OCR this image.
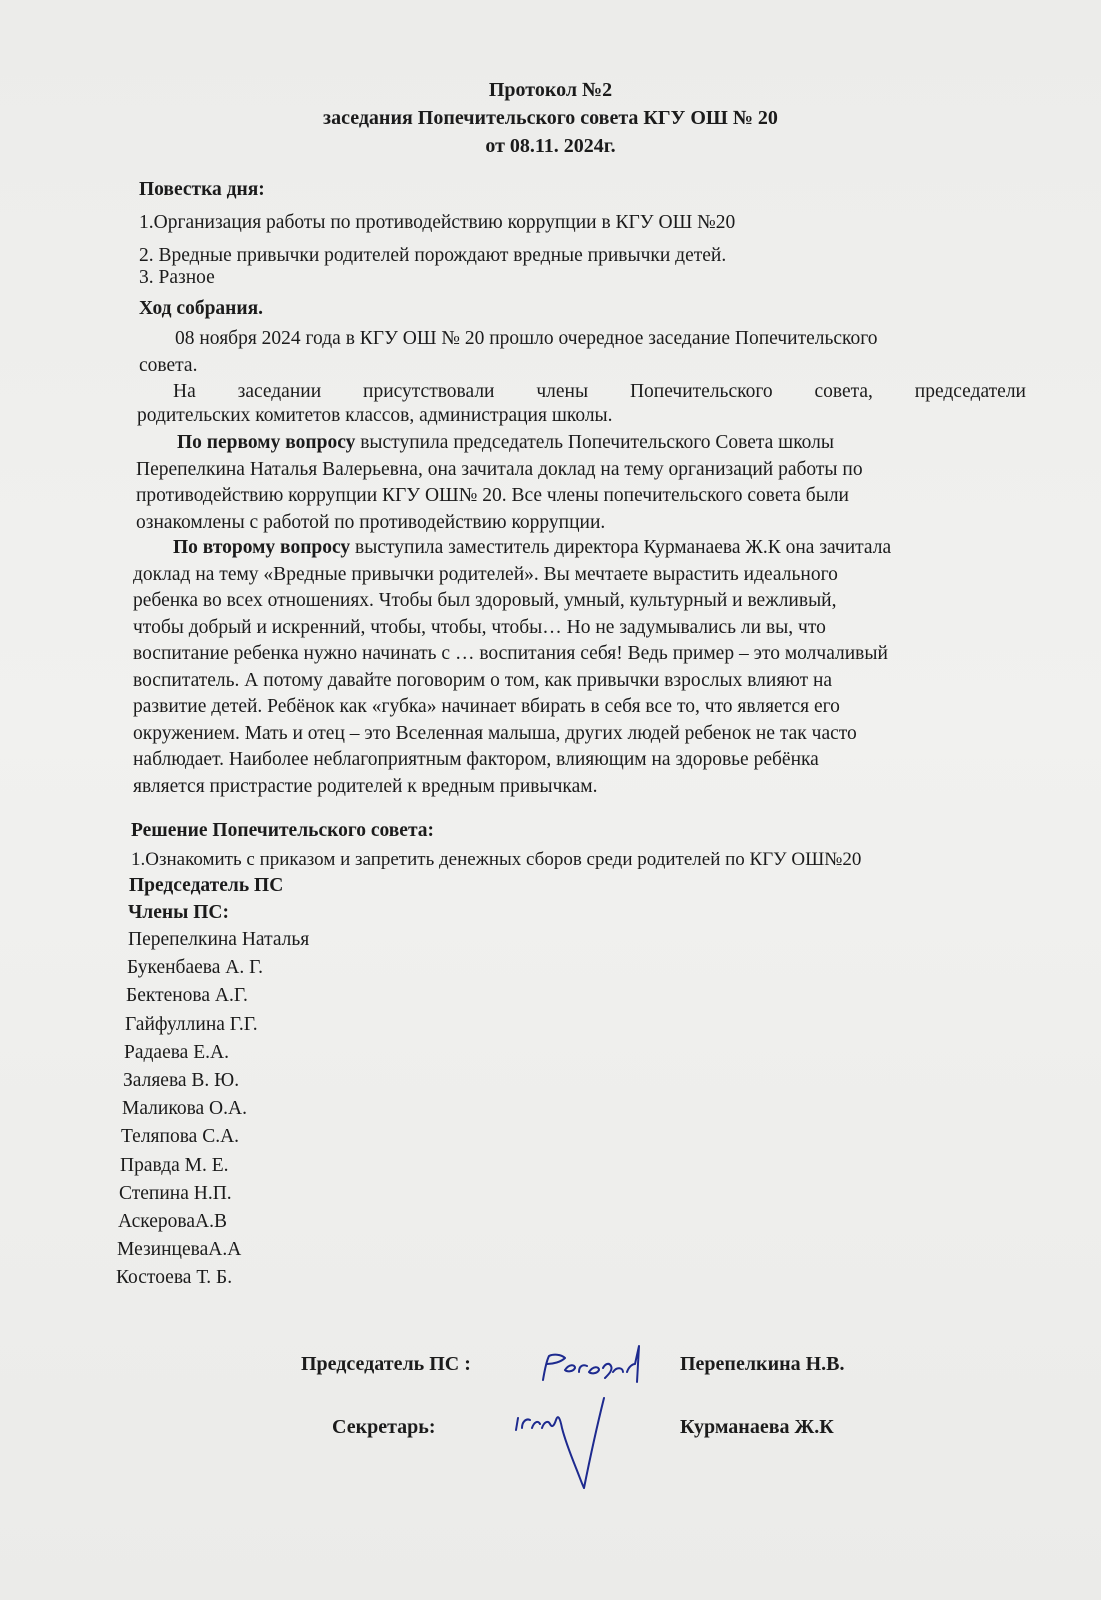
Протокол №2
заседания Попечительского совета КГУ ОШ № 20
от 08.11. 2024г.
Повестка дня:
1.Организация работы по противодействию коррупции в КГУ ОШ №20
2. Вредные привычки родителей порождают вредные привычки детей.
3. Разное
Ход собрания.
08 ноября 2024 года в КГУ ОШ № 20 прошло очередное заседание Попечительского
совета.
На заседании присутствовали члены Попечительского совета, председатели
родительских комитетов классов, администрация школы.
По первому вопросу выступила председатель Попечительского Совета школы
Перепелкина Наталья Валерьевна, она зачитала доклад на тему организаций работы по
противодействию коррупции КГУ ОШ№ 20. Все члены попечительского совета были
ознакомлены с работой по противодействию коррупции.
По второму вопросу выступила заместитель директора Курманаева Ж.К она зачитала
доклад на тему «Вредные привычки родителей». Вы мечтаете вырастить идеального
ребенка во всех отношениях. Чтобы был здоровый, умный, культурный и вежливый,
чтобы добрый и искренний, чтобы, чтобы, чтобы… Но не задумывались ли вы, что
воспитание ребенка нужно начинать с … воспитания себя! Ведь пример – это молчаливый
воспитатель. А потому давайте поговорим о том, как привычки взрослых влияют на
развитие детей. Ребёнок как «губка» начинает вбирать в себя все то, что является его
окружением. Мать и отец – это Вселенная малыша, других людей ребенок не так часто
наблюдает. Наиболее неблагоприятным фактором, влияющим на здоровье ребёнка
является пристрастие родителей к вредным привычкам.
Решение Попечительского совета:
1.Ознакомить с приказом и запретить денежных сборов среди родителей по КГУ ОШ№20
Председатель ПС
Члены ПС:
Перепелкина Наталья
Букенбаева А. Г.
Бектенова А.Г.
Гайфуллина Г.Г.
Радаева Е.А.
Заляева В. Ю.
Маликова О.А.
Теляпова С.А.
Правда М. Е.
Степина Н.П.
АскероваА.В
МезинцеваА.А
Костоева Т. Б.
Председатель ПС :	Перепелкина Н.В.
Секретарь:	Курманаева Ж.К
